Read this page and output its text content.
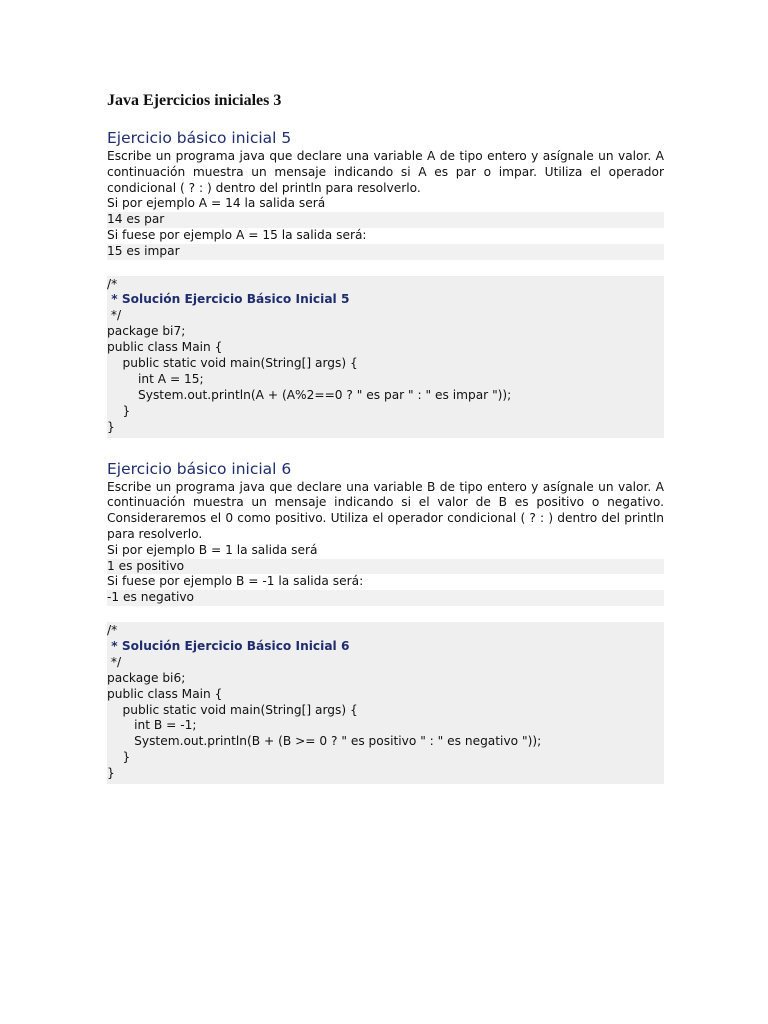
Java Ejercicios iniciales 3
Ejercicio básico inicial 5

Escribe un programa java que declare una variable A de tipo entero y asígnale un valor. A continuación muestra un mensaje indicando si A es par o impar. Utiliza el operador condicional ( ? : ) dentro del println para resolverlo.

Si por ejemplo A = 14 la salida será

14 es par

Si fuese por ejemplo A = 15 la salida será:

15 es impar
/*
* Solución Ejercicio Básico Inicial 5
*/
package bi7;
public class Main {
public static void main(String[] args) {
int A = 15;
System.out.println(A + (A%2==0 ? " es par " : " es impar "));
}
}
Ejercicio básico inicial 6

Escribe un programa java que declare una variable B de tipo entero y asígnale un valor. A continuación muestra un mensaje indicando si el valor de B es positivo o negativo. Consideraremos el 0 como positivo. Utiliza el operador condicional ( ? : ) dentro del println para resolverlo.

Si por ejemplo B = 1 la salida será

1 es positivo

Si fuese por ejemplo B = -1 la salida será:

-1 es negativo
/*
* Solución Ejercicio Básico Inicial 6
*/
package bi6;
public class Main {
public static void main(String[] args) {
int B = -1;
System.out.println(B + (B >= 0 ? " es positivo " : " es negativo "));
}
}
